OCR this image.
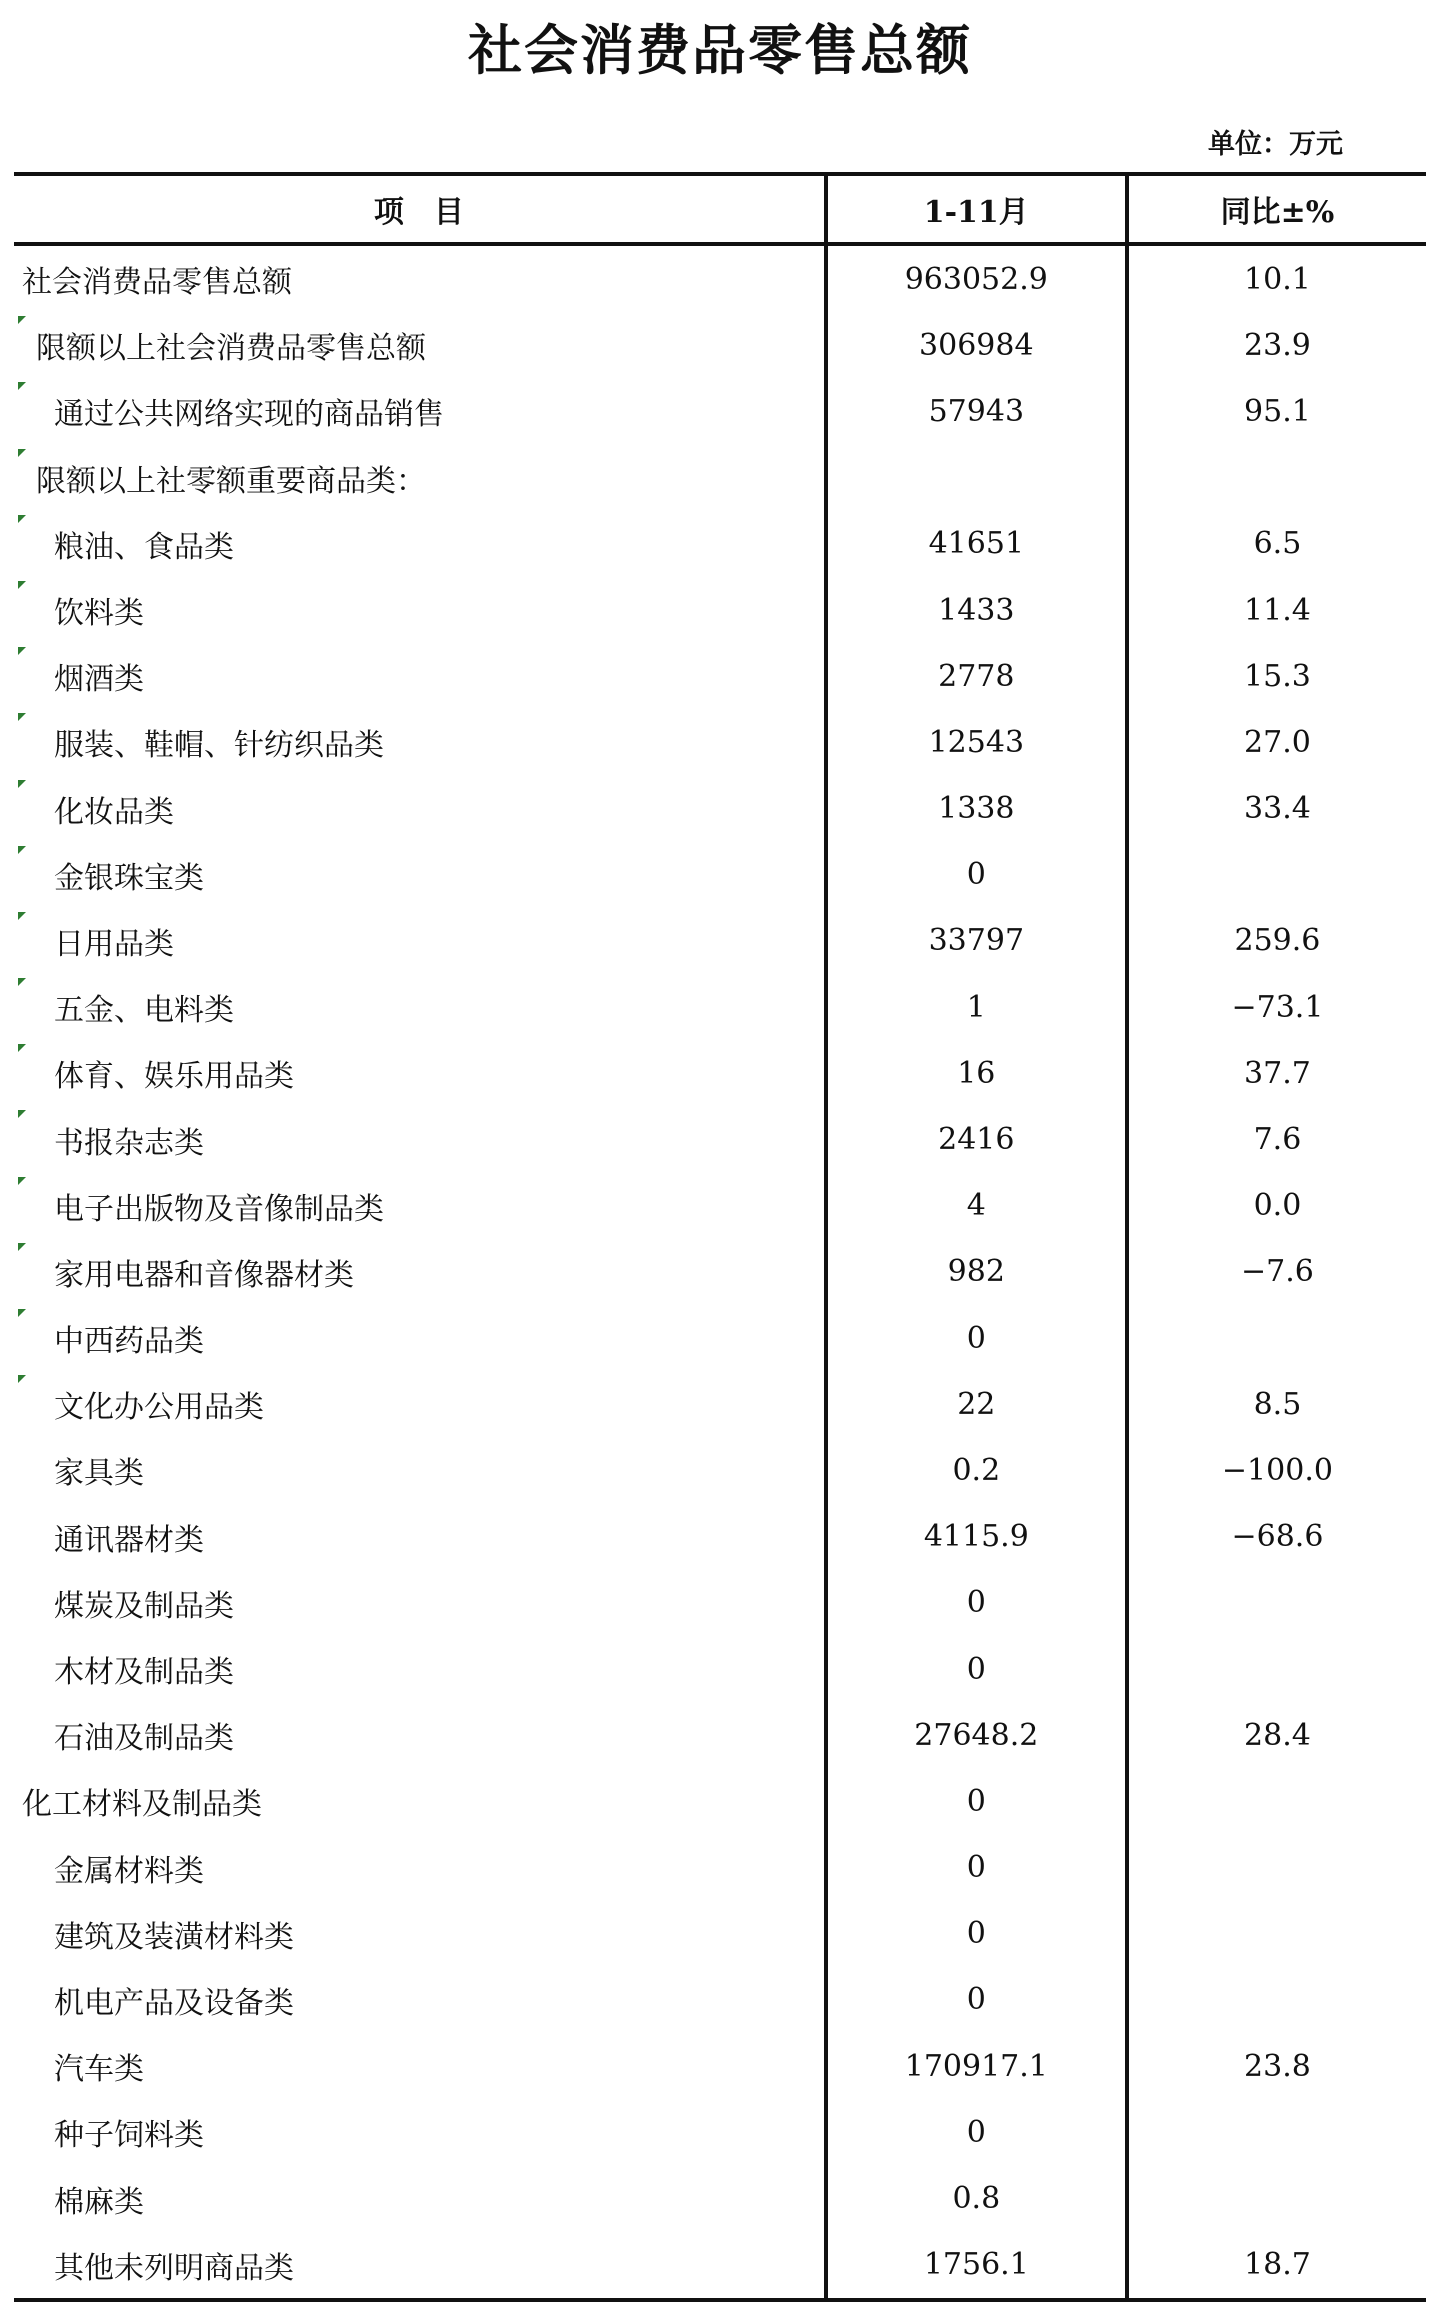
社会消费品零售总额
单位：万元
项　目	1-11月	同比±%
社会消费品零售总额	963052.9	10.1
限额以上社会消费品零售总额	306984	23.9
通过公共网络实现的商品销售	57943	95.1
限额以上社零额重要商品类：
粮油、食品类	41651	6.5
饮料类	1433	11.4
烟酒类	2778	15.3
服装、鞋帽、针纺织品类	12543	27.0
化妆品类	1338	33.4
金银珠宝类	0
日用品类	33797	259.6
五金、电料类	1	−73.1
体育、娱乐用品类	16	37.7
书报杂志类	2416	7.6
电子出版物及音像制品类	4	0.0
家用电器和音像器材类	982	−7.6
中西药品类	0
文化办公用品类	22	8.5
家具类	0.2	−100.0
通讯器材类	4115.9	−68.6
煤炭及制品类	0
木材及制品类	0
石油及制品类	27648.2	28.4
化工材料及制品类	0
金属材料类	0
建筑及装潢材料类	0
机电产品及设备类	0
汽车类	170917.1	23.8
种子饲料类	0
棉麻类	0.8
其他未列明商品类	1756.1	18.7
